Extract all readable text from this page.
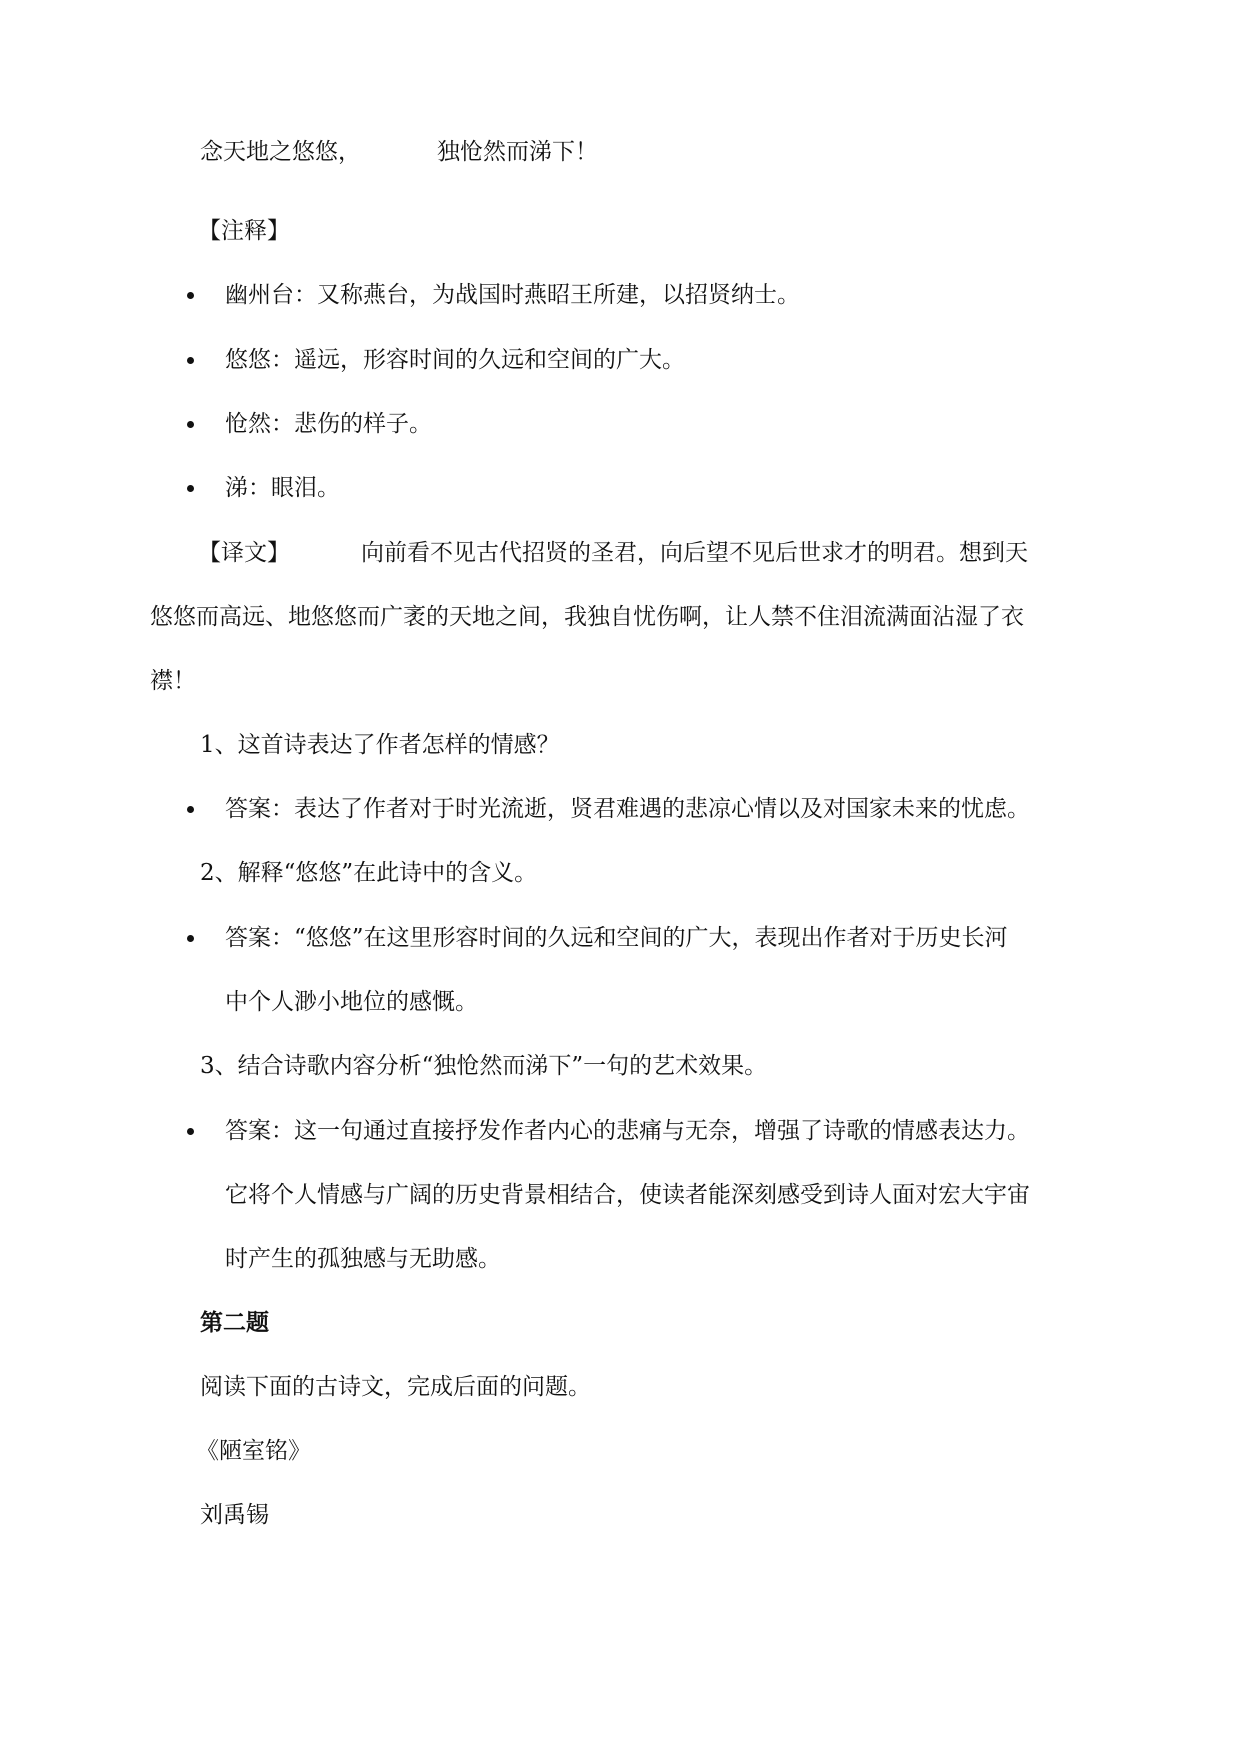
念天地之悠悠，	独怆然而涕下！
【注释】
幽州台：又称燕台，为战国时燕昭王所建，以招贤纳士。
悠悠：遥远，形容时间的久远和空间的广大。
怆然：悲伤的样子。
涕：眼泪。
【译文】	向前看不见古代招贤的圣君，向后望不见后世求才的明君。想到天
悠悠而高远、地悠悠而广袤的天地之间，我独自忧伤啊，让人禁不住泪流满面沾湿了衣
襟！
1、这首诗表达了作者怎样的情感？
答案：表达了作者对于时光流逝，贤君难遇的悲凉心情以及对国家未来的忧虑。
2、解释“悠悠”在此诗中的含义。
答案：“悠悠”在这里形容时间的久远和空间的广大，表现出作者对于历史长河
中个人渺小地位的感慨。
3、结合诗歌内容分析“独怆然而涕下”一句的艺术效果。
答案：这一句通过直接抒发作者内心的悲痛与无奈，增强了诗歌的情感表达力。
它将个人情感与广阔的历史背景相结合，使读者能深刻感受到诗人面对宏大宇宙
时产生的孤独感与无助感。
第二题
阅读下面的古诗文，完成后面的问题。
《陋室铭》
刘禹锡
